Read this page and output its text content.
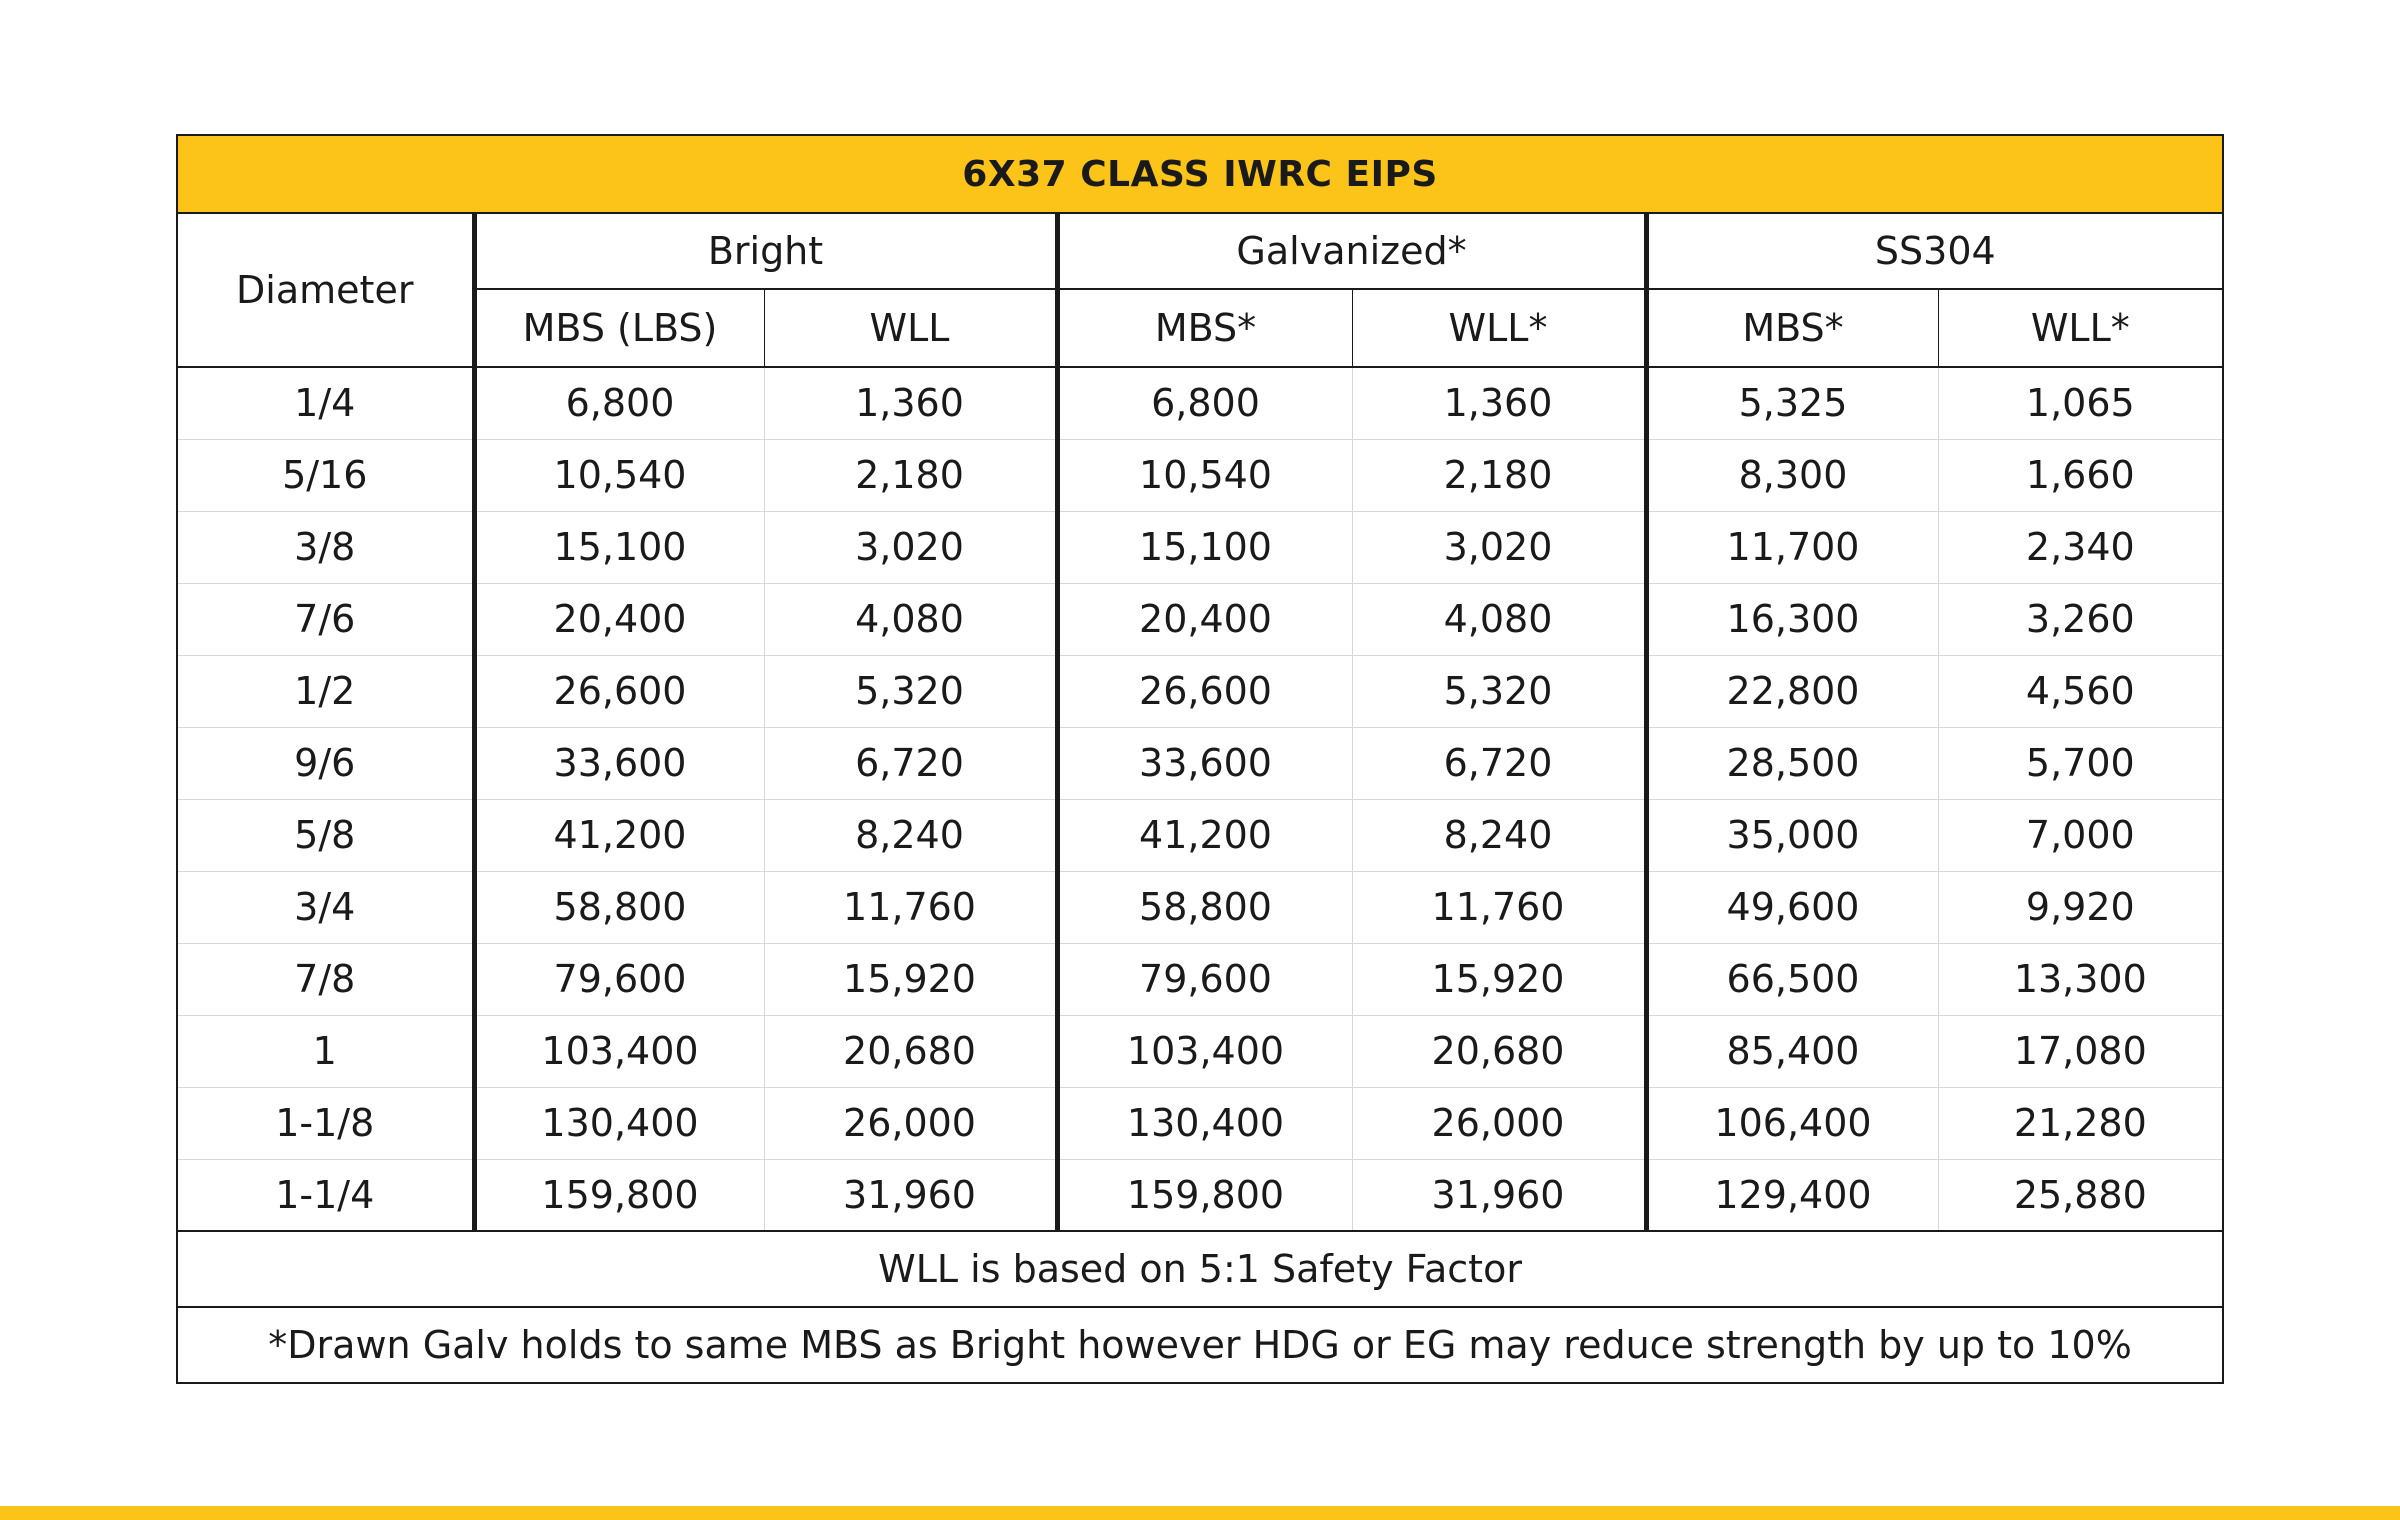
6X37 CLASS IWRC EIPS						
Diameter	Bright		Galvanized*		SS304	
	MBS (LBS)	WLL	MBS*	WLL*	MBS*	WLL*
1/4	6,800	1,360	6,800	1,360	5,325	1,065
5/16	10,540	2,180	10,540	2,180	8,300	1,660
3/8	15,100	3,020	15,100	3,020	11,700	2,340
7/6	20,400	4,080	20,400	4,080	16,300	3,260
1/2	26,600	5,320	26,600	5,320	22,800	4,560
9/6	33,600	6,720	33,600	6,720	28,500	5,700
5/8	41,200	8,240	41,200	8,240	35,000	7,000
3/4	58,800	11,760	58,800	11,760	49,600	9,920
7/8	79,600	15,920	79,600	15,920	66,500	13,300
1	103,400	20,680	103,400	20,680	85,400	17,080
1-1/8	130,400	26,000	130,400	26,000	106,400	21,280
1-1/4	159,800	31,960	159,800	31,960	129,400	25,880
WLL is based on 5:1 Safety Factor						
*Drawn Galv holds to same MBS as Bright however HDG or EG may reduce strength by up to 10%						
